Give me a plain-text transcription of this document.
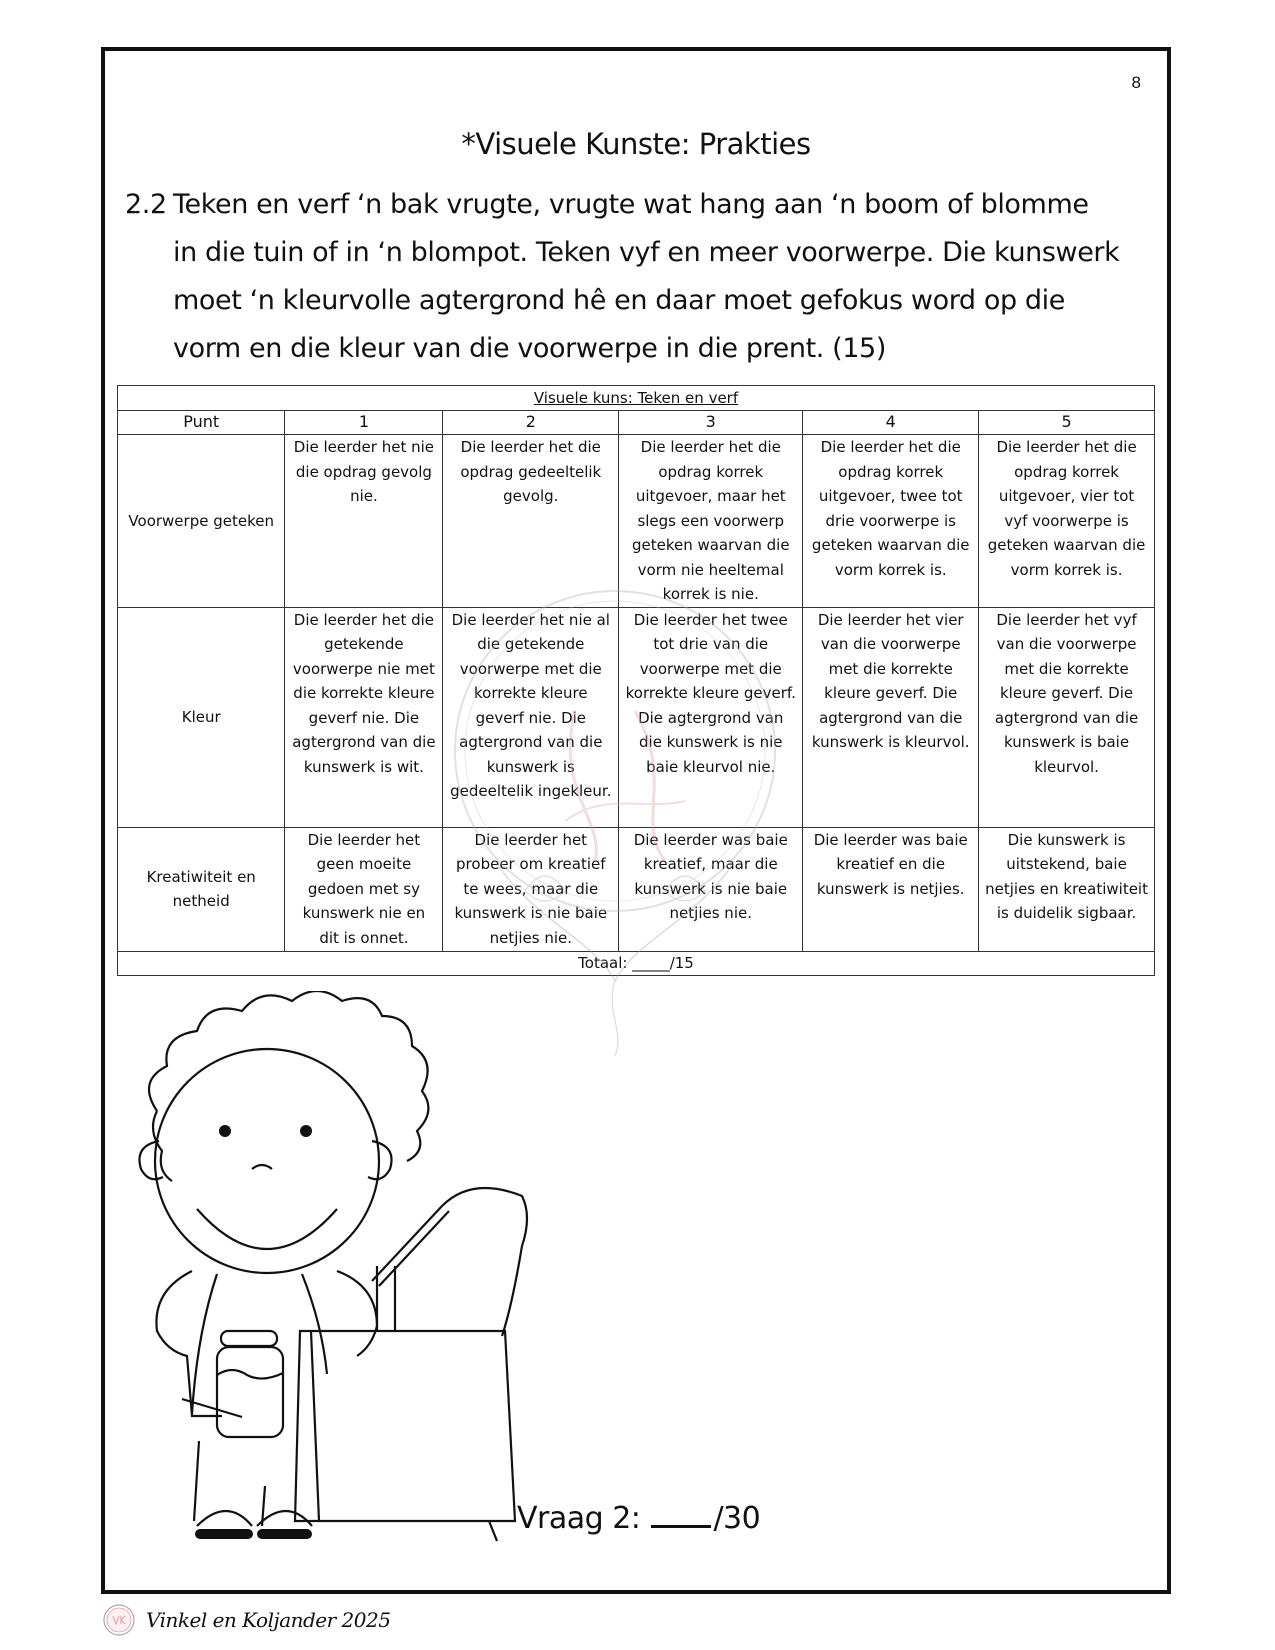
8
*Visuele Kunste: Prakties
2.2 Teken en verf ‘n bak vrugte, vrugte wat hang aan ‘n boom of blomme
in die tuin of in ‘n blompot. Teken vyf en meer voorwerpe. Die kunswerk
moet ‘n kleurvolle agtergrond hê en daar moet gefokus word op die
vorm en die kleur van die voorwerpe in die prent. (15)
Visuele kuns: Teken en verf					
Punt	1	2	3	4	5
Voorwerpe geteken	Die leerder het nie die opdrag gevolg nie.	Die leerder het die opdrag gedeeltelik gevolg.	Die leerder het die opdrag korrek uitgevoer, maar het slegs een voorwerp geteken waarvan die vorm nie heeltemal korrek is nie.	Die leerder het die opdrag korrek uitgevoer, twee tot drie voorwerpe is geteken waarvan die vorm korrek is.	Die leerder het die opdrag korrek uitgevoer, vier tot vyf voorwerpe is geteken waarvan die vorm korrek is.
Kleur	Die leerder het die getekende voorwerpe nie met die korrekte kleure geverf nie. Die agtergrond van die kunswerk is wit.	Die leerder het nie al die getekende voorwerpe met die korrekte kleure geverf nie. Die agtergrond van die kunswerk is gedeeltelik ingekleur.	Die leerder het twee tot drie van die voorwerpe met die korrekte kleure geverf. Die agtergrond van die kunswerk is nie baie kleurvol nie.	Die leerder het vier van die voorwerpe met die korrekte kleure geverf. Die agtergrond van die kunswerk is kleurvol.	Die leerder het vyf van die voorwerpe met die korrekte kleure geverf. Die agtergrond van die kunswerk is baie kleurvol.
Kreatiwiteit en netheid	Die leerder het geen moeite gedoen met sy kunswerk nie en dit is onnet.	Die leerder het probeer om kreatief te wees, maar die kunswerk is nie baie netjies nie.	Die leerder was baie kreatief, maar die kunswerk is nie baie netjies nie.	Die leerder was baie kreatief en die kunswerk is netjies.	Die kunswerk is uitstekend, baie netjies en kreatiwiteit is duidelik sigbaar.
Totaal: _____/15					
Vraag 2: /30
Vinkel en Koljander 2025
